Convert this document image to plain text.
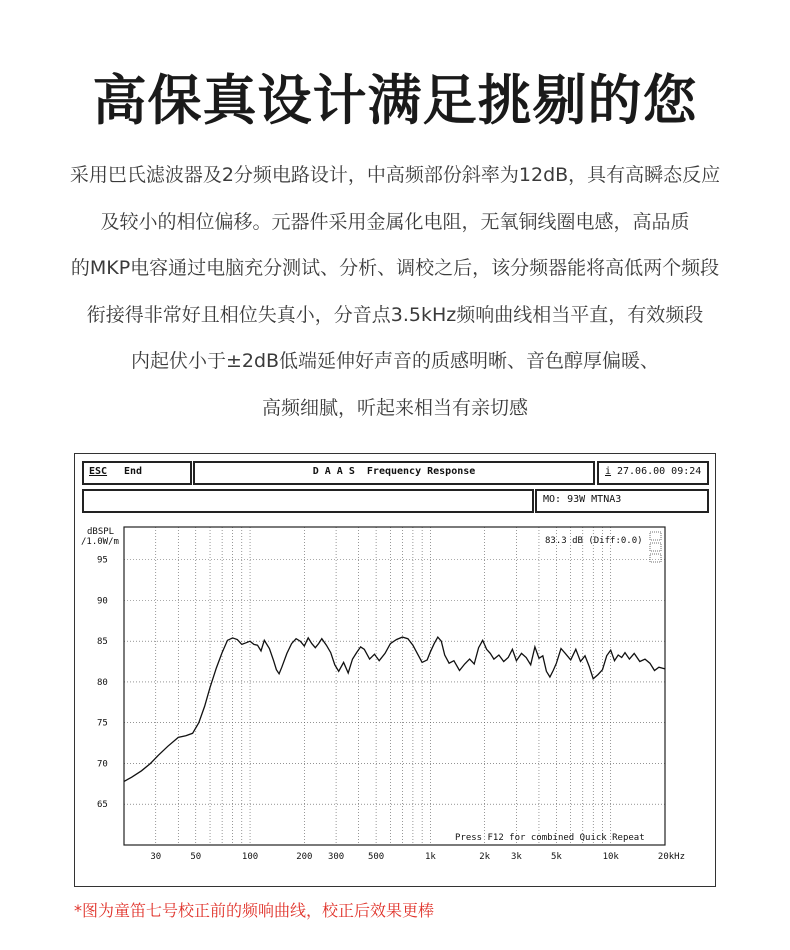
高保真设计满足挑剔的您
采用巴氏滤波器及2分频电路设计，中高频部份斜率为12dB，具有高瞬态反应
及较小的相位偏移。元器件采用金属化电阻，无氧铜线圈电感，高品质
的MKP电容通过电脑充分测试、分析、调校之后，该分频器能将高低两个频段
衔接得非常好且相位失真小，分音点3.5kHz频响曲线相当平直，有效频段
内起伏小于±2dB低端延伸好声音的质感明晰、音色醇厚偏暖、
高频细腻，听起来相当有亲切感
ESC End	D A A S  Frequency Response	i 27.06.00 09:24
MO: 93W MTNA3
dBSPL
/1.0W/m
95
90
85
80
75
70
65
30	50	100	200 300	500	1k	2k 3k	5k	10k	20kHz
83.3 dB (Diff:0.0)
Press F12 for combined Quick Repeat
*图为童笛七号校正前的频响曲线，校正后效果更棒
